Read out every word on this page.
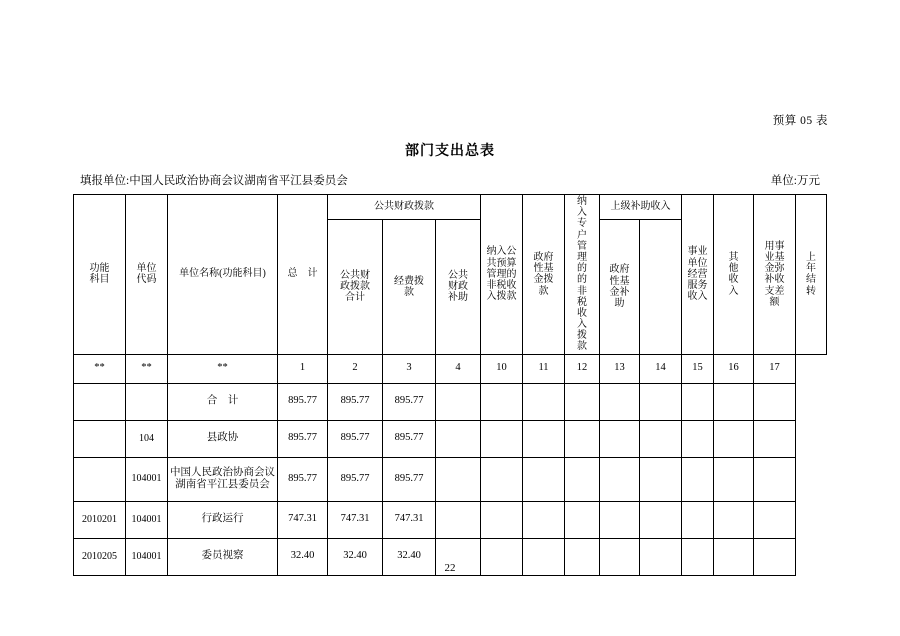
预算 05 表
部门支出总表
填报单位:中国人民政治协商会议湖南省平江县委员会	单位:万元
功能科目	单位代码	单位名称(功能科目)	总　计	公共财政拨款			纳入公共预算管理的非税收入拨款	政府性基金拨款	纳入专户管理的的非税收入拨款	上级补助收入		事业单位经营服务收入	其他收入	用事业基金弥补收支差额	上年结转

				公共财政拨款合计	经费拨款	公共财政补助				政府性基金补助					

**	**	**	1	2	3	4	10	11	12	13	14	15	16	17	
		合　计	895.77	895.77	895.77										
	104	县政协	895.77	895.77	895.77										
	104001	中国人民政治协商会议湖南省平江县委员会	895.77	895.77	895.77										
2010201	104001	行政运行	747.31	747.31	747.31										
2010205	104001	委员视察	32.40	32.40	32.40										
22
